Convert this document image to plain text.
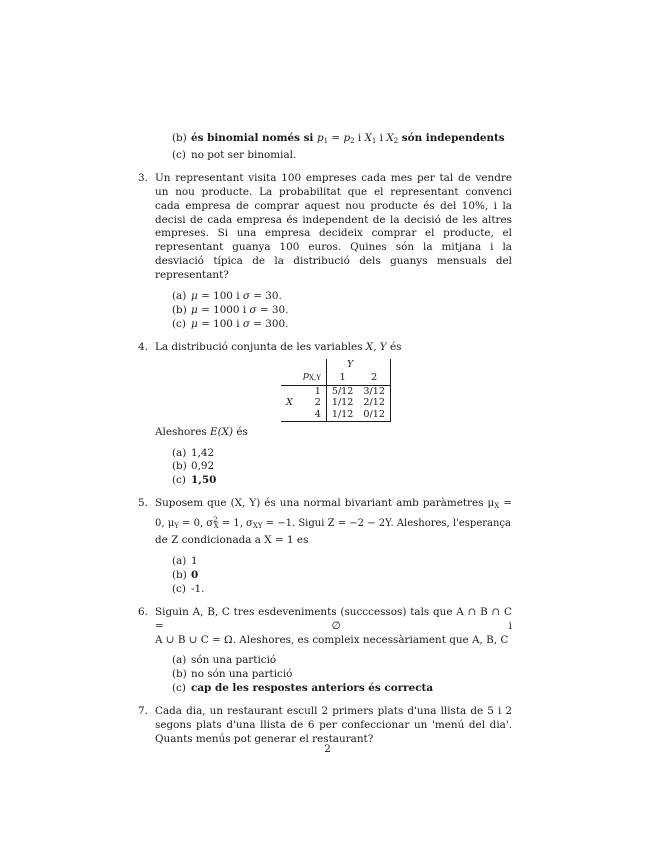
(b) és binomial només si $p_1 = p_2$ i $X_1$ i $X_2$ són independents
(c) no pot ser binomial.
3. Un representant visita 100 empreses cada mes per tal de vendre un nou producte. La probabilitat que el representant convenci cada empresa de comprar aquest nou producte és del 10%, i la decisi de cada empresa és independent de la decisió de les altres empreses. Si una empresa decideix comprar el producte, el representant guanya 100 euros. Quines són la mitjana i la desviació típica de la distribució dels guanys mensuals del representant?

(a) μ = 100 i σ = 30.
(b) μ = 1000 i σ = 30.
(c) μ = 100 i σ = 300.
4. La distribució conjunta de les variables X, Y és
		Y	
	$p_{X,Y}$	1	2
	1	5/12	3/12
X	2	1/12	2/12
	4	1/12	0/12
Aleshores E(X) és
(a) 1,42
(b) 0,92
(c) 1,50
5. Suposem que (X, Y) és una normal bivariant amb paràmetres $\mu_X$ =
0, $\mu_Y = 0$, $\sigma^2_X = 1$, $\sigma_{XY} = -1$. Sigui Z = −2 − 2Y. Aleshores, l'esperança
de Z condicionada a X = 1 es
(a) 1
(b) 0
(c) -1.
6. Siguin A, B, C tres esdeveniments (succcessos) tals que A ∩ B ∩ C = ∅ i
A ∪ B ∪ C = Ω. Aleshores, es compleix necessàriament que A, B, C
(a) són una partició
(b) no són una partició
(c) cap de les respostes anteriors és correcta
7. Cada dia, un restaurant escull 2 primers plats d'una llista de 5 i 2 segons plats d'una llista de 6 per confeccionar un 'menú del dia'. Quants menús pot generar el restaurant?

2
